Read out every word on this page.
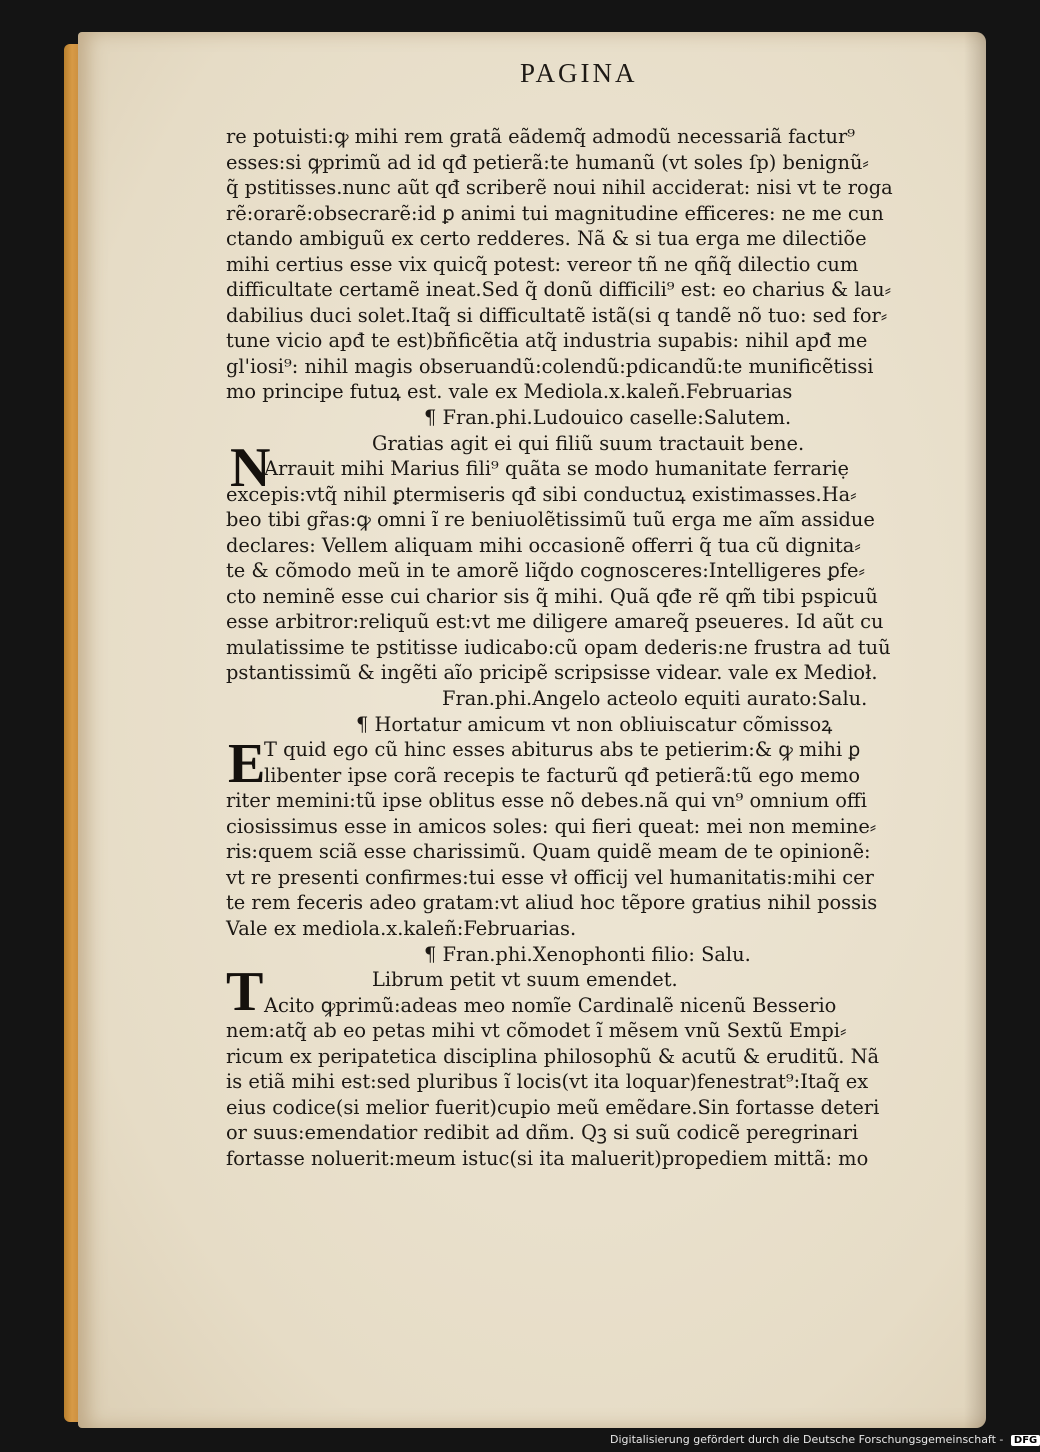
PAGINA
N
E
T
re potuisti:ꝙ mihi rem gratã eãdemq̃ admodũ necessariã factur⁹
esses:si ꝙprimũ ad id qđ petierã:te humanũ (vt soles ſp) benignũ⸗
q̃ pstitisses.nunc aũt qđ scriberẽ noui nihil acciderat: nisi vt te roga
rẽ:orarẽ:obsecrarẽ:id ꝑ animi tui magnitudine efficeres: ne me cun
ctando ambiguũ ex certo redderes. Nã & si tua erga me dilectiõe
mihi certius esse vix quicq̃ potest: vereor tñ ne qñq̃ dilectio cum
difficultate certamẽ ineat.Sed q̃ donũ difficili⁹ est: eo charius & lau⸗
dabilius duci solet.Itaq̃ si difficultatẽ istã(si q tandẽ nõ tuo: sed for⸗
tune vicio apđ te est)bñficẽtia atq̃ industria supabis: nihil apđ me
gl'iosi⁹: nihil magis obseruandũ:colendũ:pdicandũ:te munificẽtissi
mo principe futuꝝ est. vale ex Mediola.x.kaleñ.Februarias
¶ Fran.phi.Ludouico caselle:Salutem.
Gratias agit ei qui filiũ suum tractauit bene.
Arrauit mihi Marius fili⁹ quãta se modo humanitate ferrariẹ
excepis:vtq̃ nihil ꝑtermiseris qđ sibi conductuꝝ existimasses.Ha⸗
beo tibi gr̃as:ꝙ omni ĩ re beniuolẽtissimũ tuũ erga me aĩm assidue
declares: Vellem aliquam mihi occasionẽ offerri q̃ tua cũ dignita⸗
te & cõmodo meũ in te amorẽ liq̃do cognosceres:Intelligeres ꝑfe⸗
cto neminẽ esse cui charior sis q̃ mihi. Quã qđe rẽ qm̃ tibi pspicuũ
esse arbitror:reliquũ est:vt me diligere amareq̃ pseueres. Id aũt cu
mulatissime te pstitisse iudicabo:cũ opam dederis:ne frustra ad tuũ
pstantissimũ & ingẽti aĩo pricipẽ scripsisse videar. vale ex Medioł.
Fran.phi.Angelo acteolo equiti aurato:Salu.
¶ Hortatur amicum vt non obliuiscatur cõmissoꝝ
T quid ego cũ hinc esses abiturus abs te petierim:& ꝙ mihi ꝑ
libenter ipse corã recepis te facturũ qđ petierã:tũ ego memo
riter memini:tũ ipse oblitus esse nõ debes.nã qui vn⁹ omnium offi
ciosissimus esse in amicos soles: qui fieri queat: mei non memine⸗
ris:quem sciã esse charissimũ. Quam quidẽ meam de te opinionẽ:
vt re presenti confirmes:tui esse vł officij vel humanitatis:mihi cer
te rem feceris adeo gratam:vt aliud hoc tẽpore gratius nihil possis
Vale ex mediola.x.kaleñ:Februarias.
¶ Fran.phi.Xenophonti filio: Salu.
Librum petit vt suum emendet.
Acito ꝙprimũ:adeas meo nomĩe Cardinalẽ nicenũ Besserio
nem:atq̃ ab eo petas mihi vt cõmodet ĩ mẽsem vnũ Sextũ Empi⸗
ricum ex peripatetica disciplina philosophũ & acutũ & eruditũ. Nã
is etiã mihi est:sed pluribus ĩ locis(vt ita loquar)fenestrat⁹:Itaq̃ ex
eius codice(si melior fuerit)cupio meũ emẽdare.Sin fortasse deteri
or suus:emendatior redibit ad dñm. Qꝫ si suũ codicẽ peregrinari
fortasse noluerit:meum istuc(si ita maluerit)propediem mittã: mo
Digitalisierung gefördert durch die Deutsche Forschungsgemeinschaft - DFG
